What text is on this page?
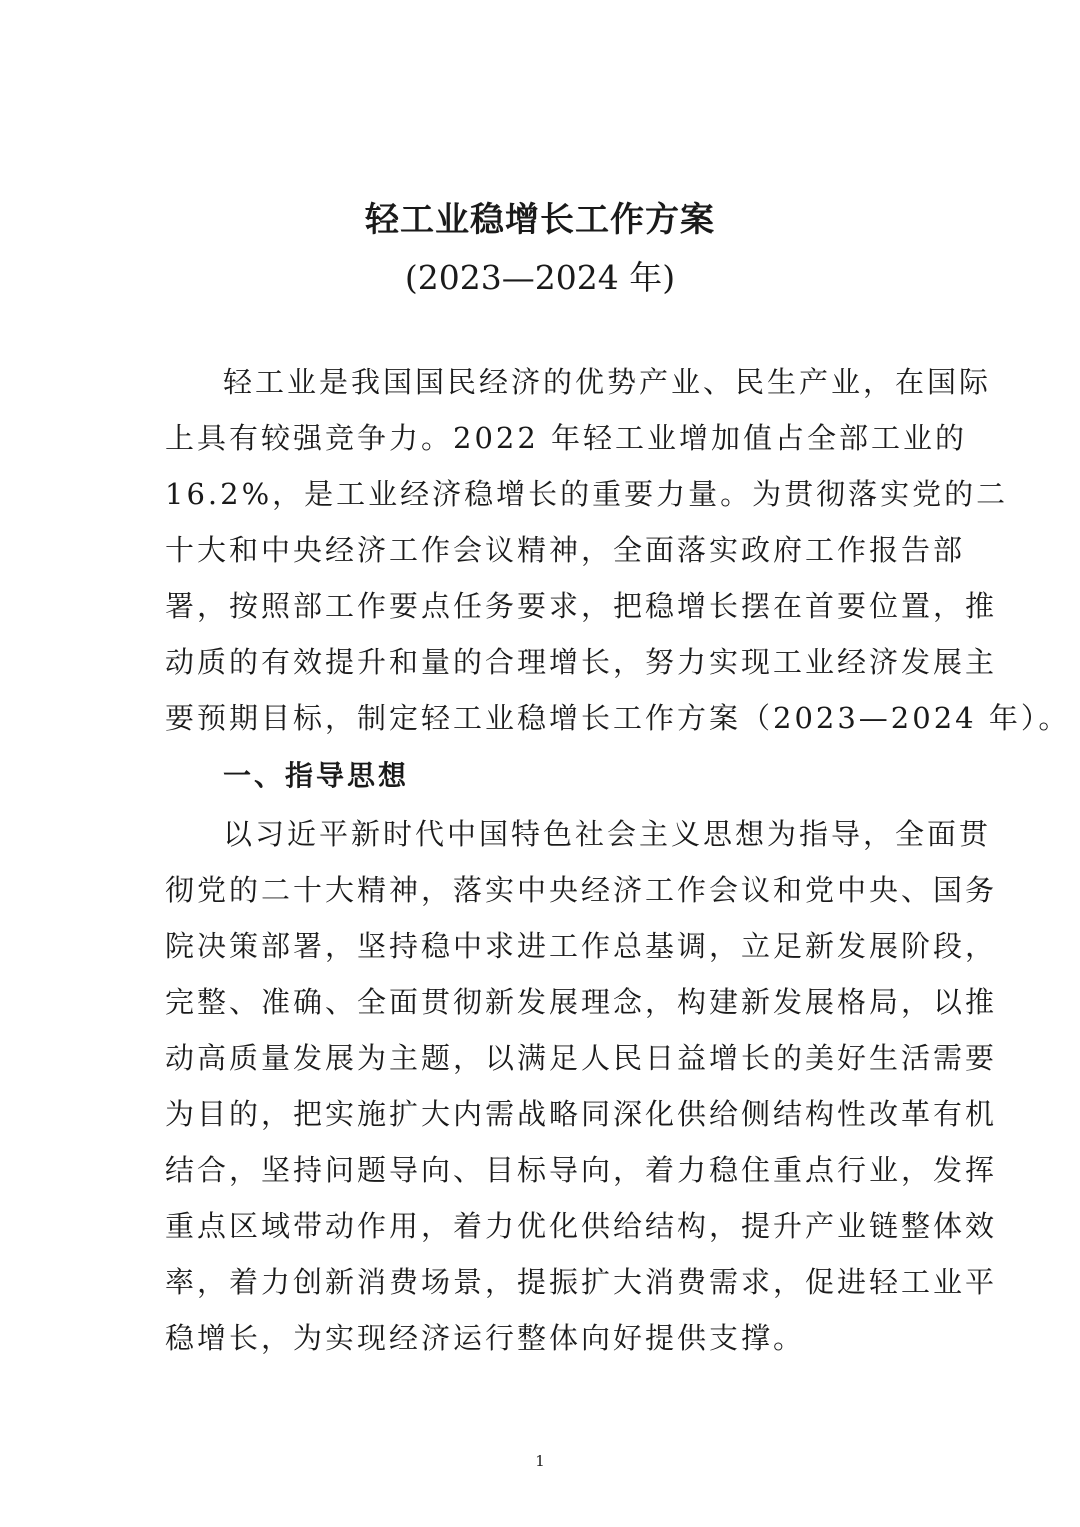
轻工业稳增长工作方案
(2023—2024 年)
轻工业是我国国民经济的优势产业、民生产业，在国际
上具有较强竞争力。2022 年轻工业增加值占全部工业的
16.2%，是工业经济稳增长的重要力量。为贯彻落实党的二
十大和中央经济工作会议精神，全面落实政府工作报告部
署，按照部工作要点任务要求，把稳增长摆在首要位置，推
动质的有效提升和量的合理增长，努力实现工业经济发展主
要预期目标，制定轻工业稳增长工作方案（2023—2024 年）。
一、指导思想
以习近平新时代中国特色社会主义思想为指导，全面贯
彻党的二十大精神，落实中央经济工作会议和党中央、国务
院决策部署，坚持稳中求进工作总基调，立足新发展阶段，
完整、准确、全面贯彻新发展理念，构建新发展格局，以推
动高质量发展为主题，以满足人民日益增长的美好生活需要
为目的，把实施扩大内需战略同深化供给侧结构性改革有机
结合，坚持问题导向、目标导向，着力稳住重点行业，发挥
重点区域带动作用，着力优化供给结构，提升产业链整体效
率，着力创新消费场景，提振扩大消费需求，促进轻工业平
稳增长，为实现经济运行整体向好提供支撑。
1
